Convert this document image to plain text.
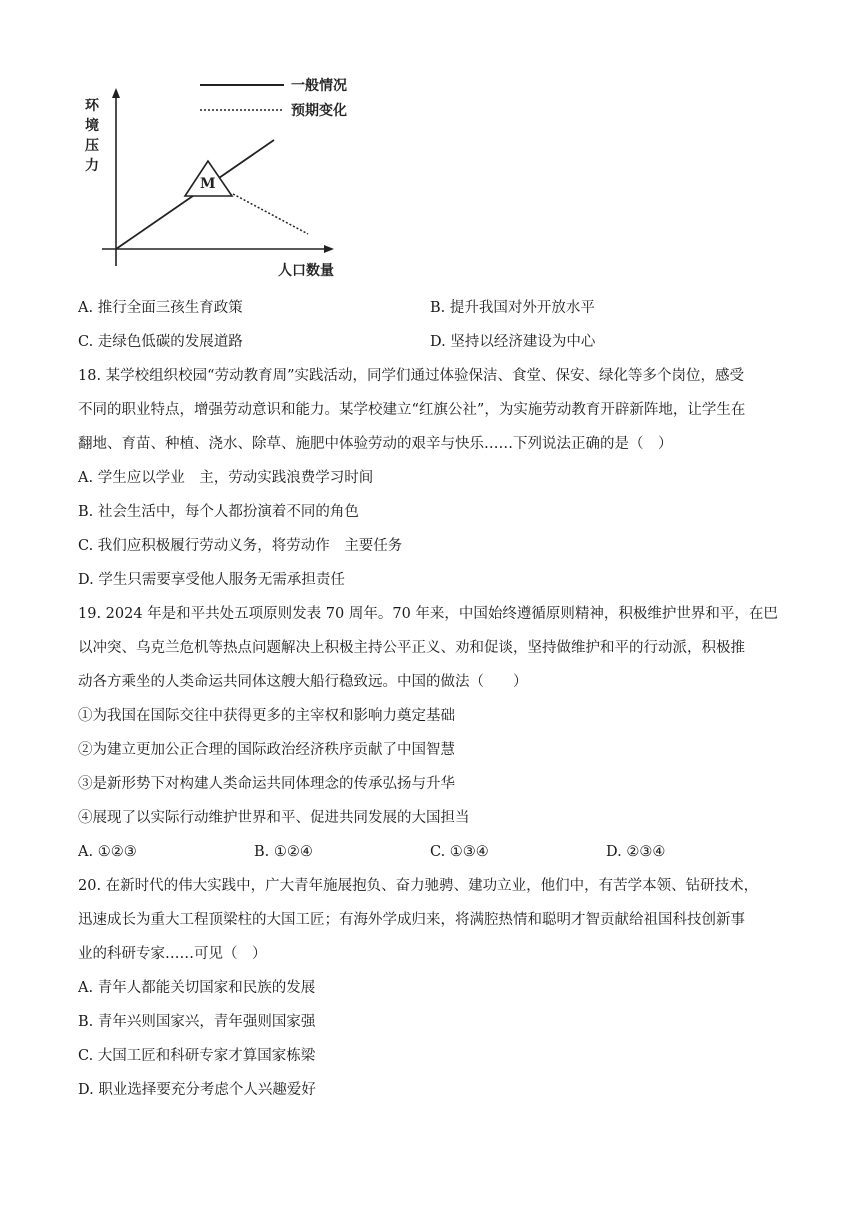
一般情况
预期变化
环
境
压
力
人口数量
M
A. 推行全面三孩生育政策	B. 提升我国对外开放水平
C. 走绿色低碳的发展道路	D. 坚持以经济建设为中心
18. 某学校组织校园“劳动教育周”实践活动，同学们通过体验保洁、食堂、保安、绿化等多个岗位，感受
不同的职业特点，增强劳动意识和能力。某学校建立“红旗公社”，为实施劳动教育开辟新阵地，让学生在
翻地、育苗、种植、浇水、除草、施肥中体验劳动的艰辛与快乐……下列说法正确的是（　）
A. 学生应以学业　主，劳动实践浪费学习时间
B. 社会生活中，每个人都扮演着不同的角色
C. 我们应积极履行劳动义务，将劳动作　主要任务
D. 学生只需要享受他人服务无需承担责任
19. 2024 年是和平共处五项原则发表 70 周年。70 年来，中国始终遵循原则精神，积极维护世界和平，在巴
以冲突、乌克兰危机等热点问题解决上积极主持公平正义、劝和促谈，坚持做维护和平的行动派，积极推
动各方乘坐的人类命运共同体这艘大船行稳致远。中国的做法（　　）
①为我国在国际交往中获得更多的主宰权和影响力奠定基础
②为建立更加公正合理的国际政治经济秩序贡献了中国智慧
③是新形势下对构建人类命运共同体理念的传承弘扬与升华
④展现了以实际行动维护世界和平、促进共同发展的大国担当
A. ①②③	B. ①②④	C. ①③④	D. ②③④
20. 在新时代的伟大实践中，广大青年施展抱负、奋力驰骋、建功立业，他们中，有苦学本领、钻研技术，
迅速成长为重大工程顶梁柱的大国工匠；有海外学成归来，将满腔热情和聪明才智贡献给祖国科技创新事
业的科研专家……可见（　）
A. 青年人都能关切国家和民族的发展
B. 青年兴则国家兴，青年强则国家强
C. 大国工匠和科研专家才算国家栋梁
D. 职业选择要充分考虑个人兴趣爱好
